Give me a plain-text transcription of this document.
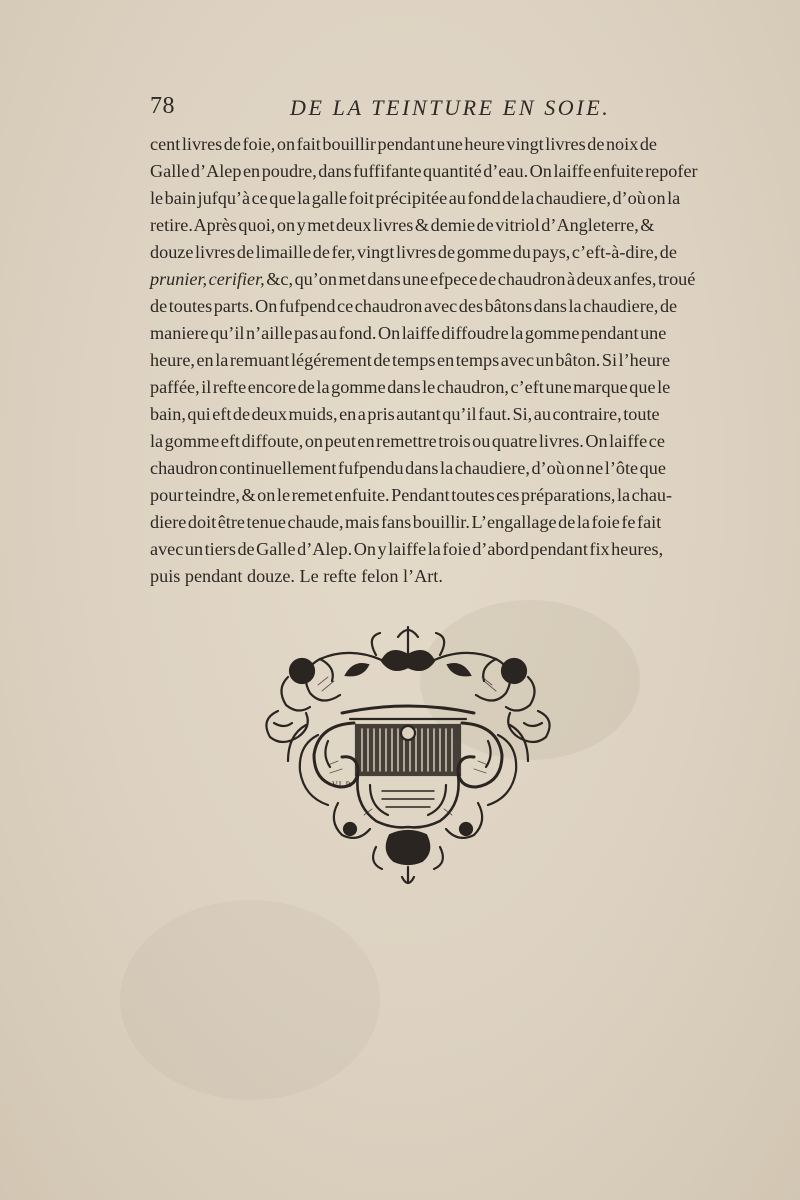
78	DE LA TEINTURE EN SOIE.
cent livres de foie, on fait bouillir pendant une heure vingt livres de noix de
Galle d’Alep en poudre, dans fuffifante quantité d’eau. On laiffe enfuite repofer
le bain jufqu’à ce que la galle foit précipitée au fond de la chaudiere, d’où on la
retire. Après quoi, on y met deux livres & demie de vitriol d’Angleterre, &
douze livres de limaille de fer, vingt livres de gomme du pays, c’eft-à-dire, de
prunier, cerifier, &c, qu’on met dans une efpece de chaudron à deux anfes, troué
de toutes parts. On fufpend ce chaudron avec des bâtons dans la chaudiere, de
maniere qu’il n’aille pas au fond. On laiffe diffoudre la gomme pendant une
heure, en la remuant légérement de temps en temps avec un bâton. Si l’heure
paffée, il refte encore de la gomme dans le chaudron, c’eft une marque que le
bain, qui eft de deux muids, en a pris autant qu’il faut. Si, au contraire, toute
la gomme eft diffoute, on peut en remettre trois ou quatre livres. On laiffe ce
chaudron continuellement fufpendu dans la chaudiere, d’où on ne l’ôte que
pour teindre, & on le remet enfuite. Pendant toutes ces préparations, la chau-
diere doit être tenue chaude, mais fans bouillir. L’engallage de la foie fe fait
avec un tiers de Galle d’Alep. On y laiffe la foie d’abord pendant fix heures,
puis pendant douze. Le refte felon l’Art.
V.L.P.
